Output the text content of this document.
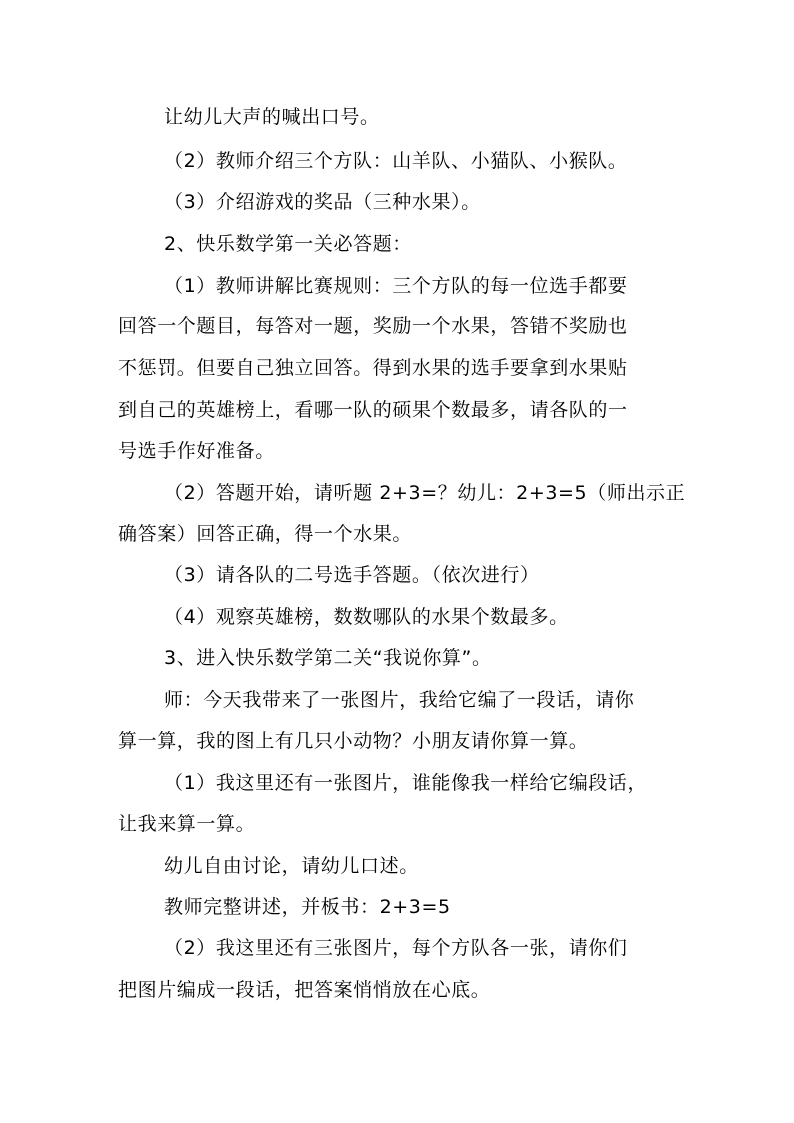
让幼儿大声的喊出口号。
（2）教师介绍三个方队：山羊队、小猫队、小猴队。
（3）介绍游戏的奖品（三种水果）。
2、快乐数学第一关必答题：
（1）教师讲解比赛规则：三个方队的每一位选手都要
回答一个题目，每答对一题，奖励一个水果，答错不奖励也
不惩罚。但要自己独立回答。得到水果的选手要拿到水果贴
到自己的英雄榜上，看哪一队的硕果个数最多，请各队的一
号选手作好准备。
（2）答题开始，请听题 2+3=？幼儿：2+3=5（师出示正
确答案）回答正确，得一个水果。
（3）请各队的二号选手答题。（依次进行）
（4）观察英雄榜，数数哪队的水果个数最多。
3、进入快乐数学第二关“我说你算”。
师：今天我带来了一张图片，我给它编了一段话，请你
算一算，我的图上有几只小动物？小朋友请你算一算。
（1）我这里还有一张图片，谁能像我一样给它编段话，
让我来算一算。
幼儿自由讨论，请幼儿口述。
教师完整讲述，并板书：2+3=5
（2）我这里还有三张图片，每个方队各一张，请你们
把图片编成一段话，把答案悄悄放在心底。
